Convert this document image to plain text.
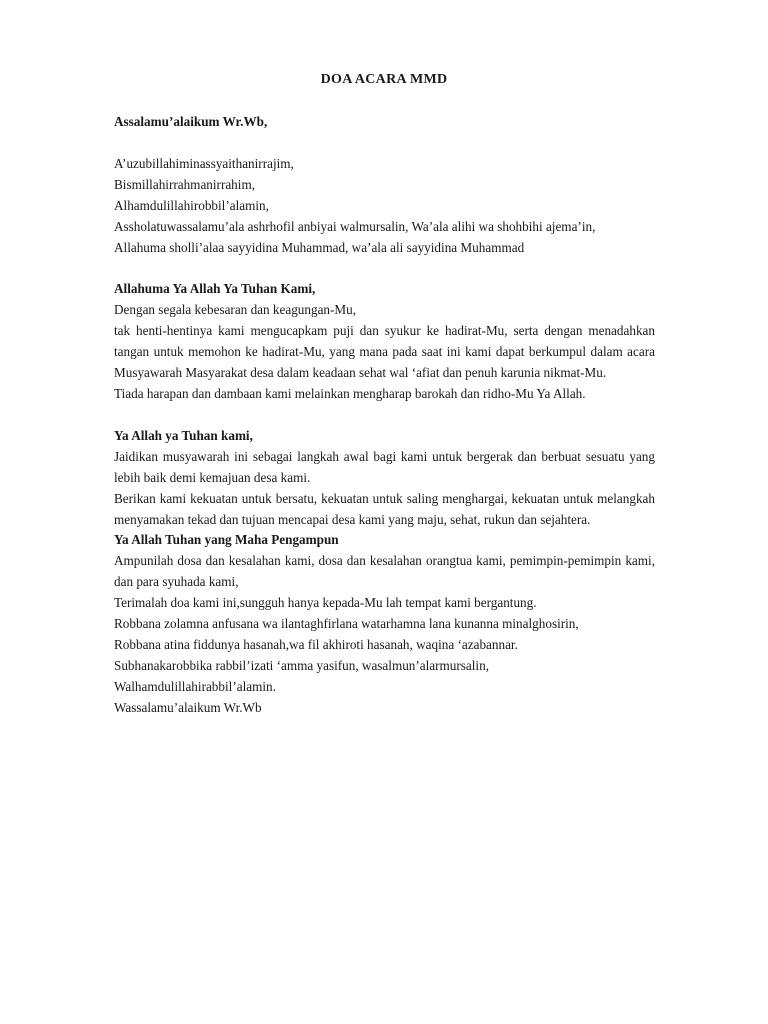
DOA ACARA MMD

Assalamu’alaikum Wr.Wb,

A’uzubillahiminassyaithanirrajim,

Bismillahirrahmanirrahim,

Alhamdulillahirobbil’alamin,

Assholatuwassalamu’ala ashrhofil anbiyai walmursalin, Wa’ala alihi wa shohbihi ajema’in,

Allahuma sholli’alaa sayyidina Muhammad, wa’ala ali sayyidina Muhammad

Allahuma Ya Allah Ya Tuhan Kami,

Dengan segala kebesaran dan keagungan-Mu,

tak henti-hentinya kami mengucapkam puji dan syukur ke hadirat-Mu, serta dengan menadahkan tangan untuk memohon ke hadirat-Mu, yang mana pada saat ini kami dapat berkumpul dalam acara Musyawarah Masyarakat desa dalam keadaan sehat wal ‘afiat dan penuh karunia nikmat-Mu.

Tiada harapan dan dambaan kami melainkan mengharap barokah dan ridho-Mu Ya Allah.

Ya Allah ya Tuhan kami,

Jaidikan musyawarah ini sebagai langkah awal bagi kami untuk bergerak dan berbuat sesuatu yang lebih baik demi kemajuan desa kami.

Berikan kami kekuatan untuk bersatu, kekuatan untuk saling menghargai, kekuatan untuk melangkah menyamakan tekad dan tujuan mencapai desa kami yang maju, sehat, rukun dan sejahtera.

Ya Allah Tuhan yang Maha Pengampun

Ampunilah dosa dan kesalahan kami, dosa dan kesalahan orangtua kami, pemimpin-pemimpin kami, dan para syuhada kami,

Terimalah doa kami ini,sungguh hanya kepada-Mu lah tempat kami bergantung.

Robbana zolamna anfusana wa ilantaghfirlana watarhamna lana kunanna minalghosirin,

Robbana atina fiddunya hasanah,wa fil akhiroti hasanah, waqina ‘azabannar.

Subhanakarobbika rabbil’izati ‘amma yasifun, wasalmun’alarmursalin,

Walhamdulillahirabbil’alamin.

Wassalamu’alaikum Wr.Wb
